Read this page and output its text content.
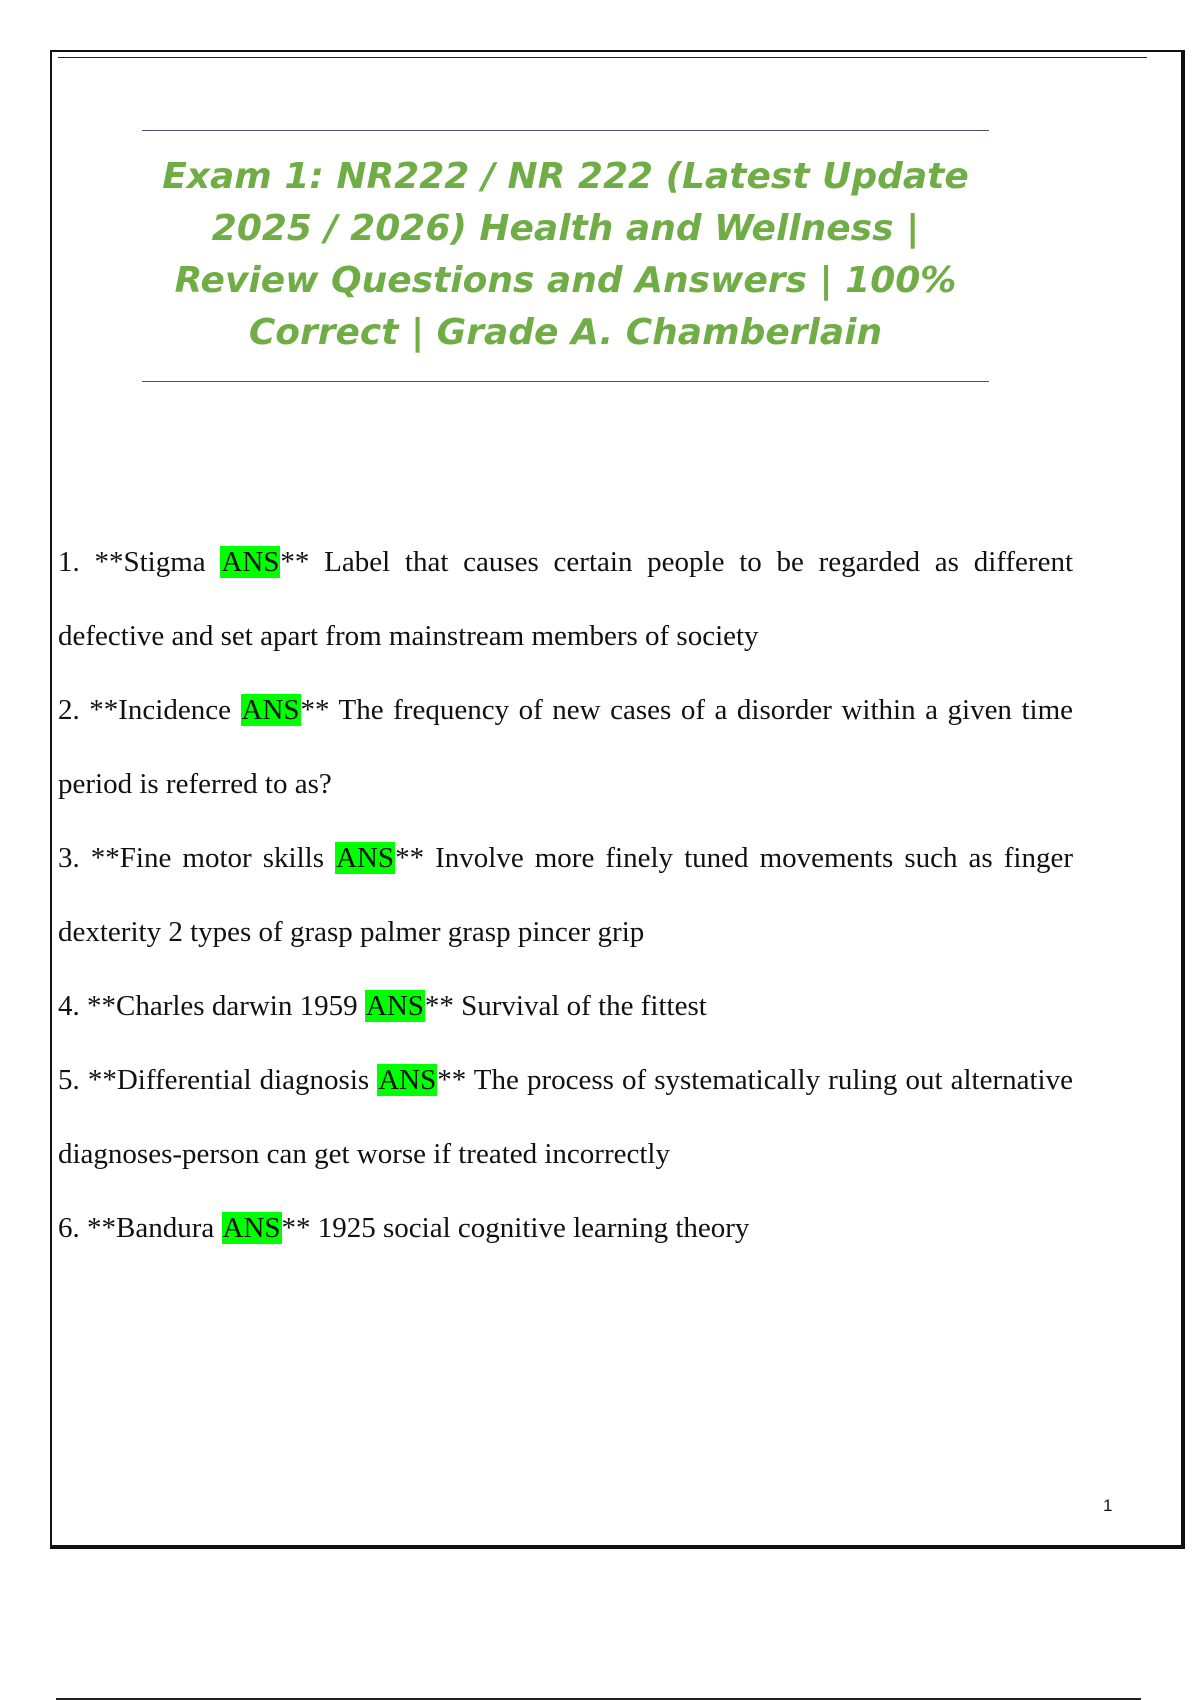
Exam 1: NR222 / NR 222 (Latest Update 2025 / 2026) Health and Wellness | Review Questions and Answers | 100% Correct | Grade A. Chamberlain

1. **Stigma ANS** Label that causes certain people to be regarded as different defective and set apart from mainstream members of society

2. **Incidence ANS** The frequency of new cases of a disorder within a given time period is referred to as?

3. **Fine motor skills ANS** Involve more finely tuned movements such as finger dexterity 2 types of grasp palmer grasp pincer grip

4. **Charles darwin 1959 ANS** Survival of the fittest

5. **Differential diagnosis ANS** The process of systematically ruling out alternative diagnoses-person can get worse if treated incorrectly

6. **Bandura ANS** 1925 social cognitive learning theory

1
